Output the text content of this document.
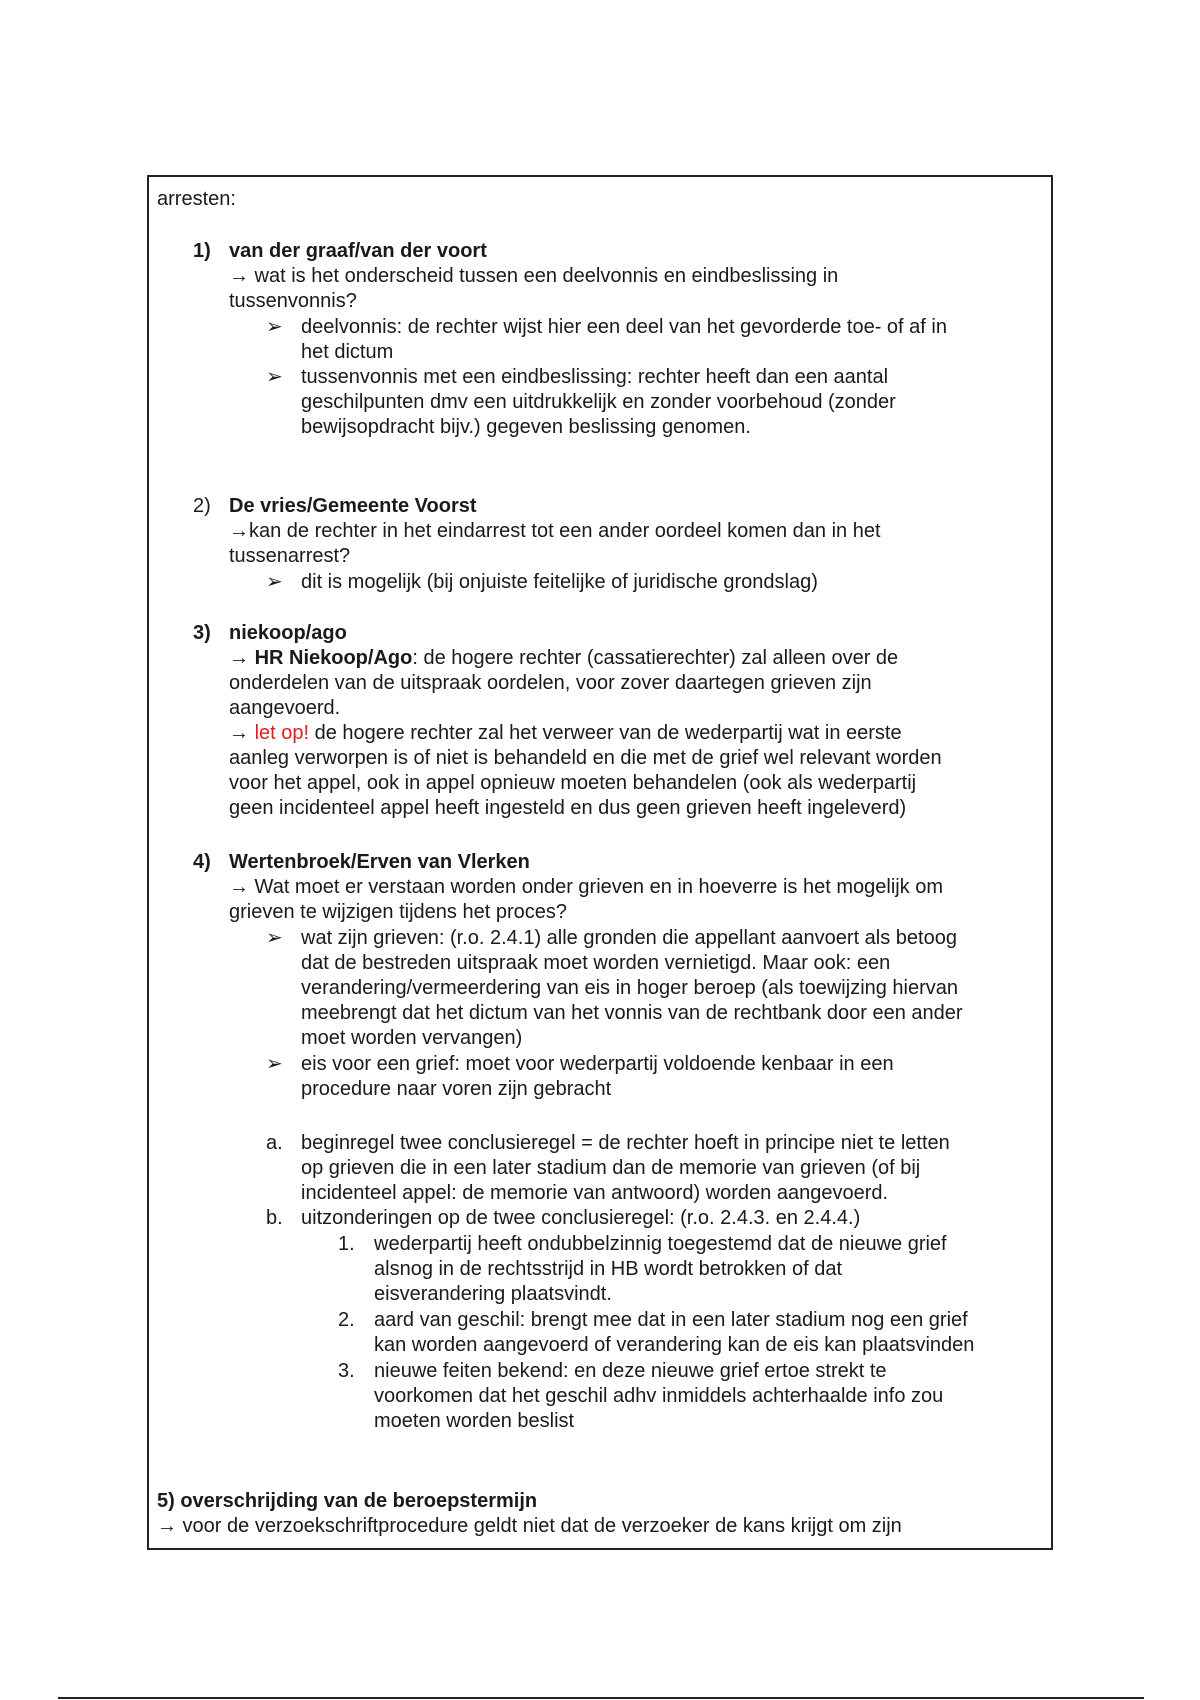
arresten:
1) van der graaf/van der voort
→ wat is het onderscheid tussen een deelvonnis en eindbeslissing in
tussenvonnis?
➢ deelvonnis: de rechter wijst hier een deel van het gevorderde toe- of af in
het dictum
➢ tussenvonnis met een eindbeslissing: rechter heeft dan een aantal
geschilpunten dmv een uitdrukkelijk en zonder voorbehoud (zonder
bewijsopdracht bijv.) gegeven beslissing genomen.
2) De vries/Gemeente Voorst
→kan de rechter in het eindarrest tot een ander oordeel komen dan in het
tussenarrest?
➢ dit is mogelijk (bij onjuiste feitelijke of juridische grondslag)
3) niekoop/ago
→ HR Niekoop/Ago: de hogere rechter (cassatierechter) zal alleen over de
onderdelen van de uitspraak oordelen, voor zover daartegen grieven zijn
aangevoerd.
→ let op! de hogere rechter zal het verweer van de wederpartij wat in eerste
aanleg verworpen is of niet is behandeld en die met de grief wel relevant worden
voor het appel, ook in appel opnieuw moeten behandelen (ook als wederpartij
geen incidenteel appel heeft ingesteld en dus geen grieven heeft ingeleverd)
4) Wertenbroek/Erven van Vlerken
→ Wat moet er verstaan worden onder grieven en in hoeverre is het mogelijk om
grieven te wijzigen tijdens het proces?
➢ wat zijn grieven: (r.o. 2.4.1) alle gronden die appellant aanvoert als betoog
dat de bestreden uitspraak moet worden vernietigd. Maar ook: een
verandering/vermeerdering van eis in hoger beroep (als toewijzing hiervan
meebrengt dat het dictum van het vonnis van de rechtbank door een ander
moet worden vervangen)
➢ eis voor een grief: moet voor wederpartij voldoende kenbaar in een
procedure naar voren zijn gebracht
a. beginregel twee conclusieregel = de rechter hoeft in principe niet te letten
op grieven die in een later stadium dan de memorie van grieven (of bij
incidenteel appel: de memorie van antwoord) worden aangevoerd.
b. uitzonderingen op de twee conclusieregel: (r.o. 2.4.3. en 2.4.4.)
1. wederpartij heeft ondubbelzinnig toegestemd dat de nieuwe grief
alsnog in de rechtsstrijd in HB wordt betrokken of dat
eisverandering plaatsvindt.
2. aard van geschil: brengt mee dat in een later stadium nog een grief
kan worden aangevoerd of verandering kan de eis kan plaatsvinden
3. nieuwe feiten bekend: en deze nieuwe grief ertoe strekt te
voorkomen dat het geschil adhv inmiddels achterhaalde info zou
moeten worden beslist
5) overschrijding van de beroepstermijn
→ voor de verzoekschriftprocedure geldt niet dat de verzoeker de kans krijgt om zijn
